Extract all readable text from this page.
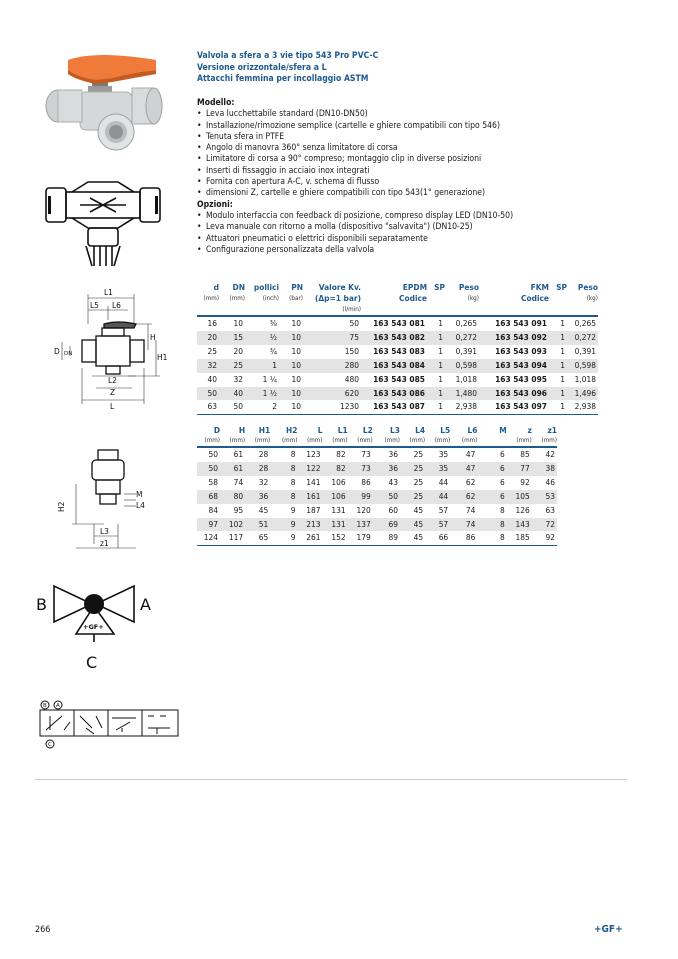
L1
L5 L6
H
H1
D DN
L2
Z
L
H2
M
L4
L3
z1
B	A
C
+GF+
B A
C
Valvola a sfera a 3 vie tipo 543 Pro PVC-C
Versione orizzontale/sfera a L
Attacchi femmina per incollaggio ASTM
Modello:
• Leva lucchettabile standard (DN10-DN50)
• Installazione/rimozione semplice (cartelle e ghiere compatibili con tipo 546)
• Tenuta sfera in PTFE
• Angolo di manovra 360° senza limitatore di corsa
• Limitatore di corsa a 90° compreso; montaggio clip in diverse posizioni
• Inserti di fissaggio in acciaio inox integrati
• Fornita con apertura A-C, v. schema di flusso
• dimensioni Z, cartelle e ghiere compatibili con tipo 543(1° generazione)
Opzioni:
• Modulo interfaccia con feedback di posizione, compreso display LED (DN10-50)
• Leva manuale con ritorno a molla (dispositivo "salvavita") (DN10-25)
• Attuatori pneumatici o elettrici disponibili separatamente
• Configurazione personalizzata della valvola
d	DN	pollici	PN	Valore Kv.	EPDM	SP	Peso	FKM	SP	Peso
(mm)	(mm)	(inch)	(bar)	(Δp=1 bar)	Codice		(kg)	Codice		(kg)
				(l/min)						
16	10	⅜	10	50	163 543 081	1	0,265	163 543 091	1	0,265
20	15	½	10	75	163 543 082	1	0,272	163 543 092	1	0,272
25	20	¾	10	150	163 543 083	1	0,391	163 543 093	1	0,391
32	25	1	10	280	163 543 084	1	0,598	163 543 094	1	0,598
40	32	1 ¼	10	480	163 543 085	1	1,018	163 543 095	1	1,018
50	40	1 ½	10	620	163 543 086	1	1,480	163 543 096	1	1,496
63	50	2	10	1230	163 543 087	1	2,938	163 543 097	1	2,938
D	H	H1	H2	L	L1	L2	L3	L4	L5	L6	M	z	z1
(mm)	(mm)	(mm)	(mm)	(mm)	(mm)	(mm)	(mm)	(mm)	(mm)	(mm)		(mm)	(mm)
50	61	28	8	123	82	73	36	25	35	47	6	85	42
50	61	28	8	122	82	73	36	25	35	47	6	77	38
58	74	32	8	141	106	86	43	25	44	62	6	92	46
68	80	36	8	161	106	99	50	25	44	62	6	105	53
84	95	45	9	187	131	120	60	45	57	74	8	126	63
97	102	51	9	213	131	137	69	45	57	74	8	143	72
124	117	65	9	261	152	179	89	45	66	86	8	185	92
266	+GF+
